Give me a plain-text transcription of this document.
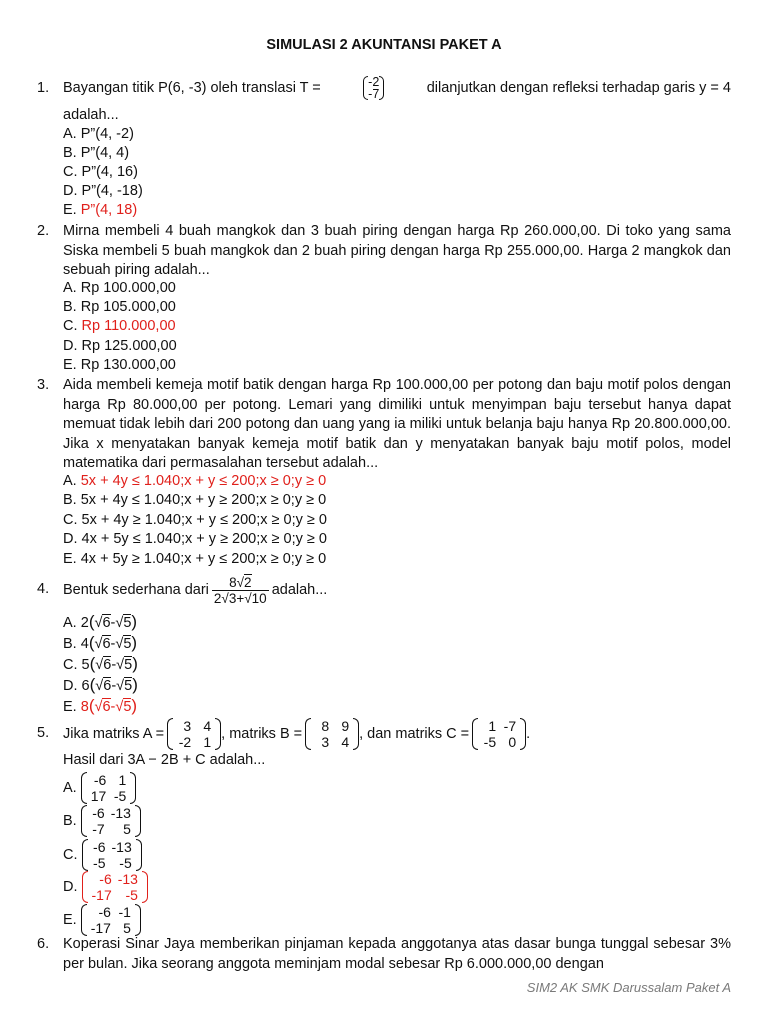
SIMULASI 2 AKUNTANSI PAKET A
1. Bayangan titik P(6, -3) oleh translasi T =	-2
-7	dilanjutkan dengan refleksi terhadap garis y = 4
adalah...
A. P”(4, -2)
B. P”(4, 4)
C. P”(4, 16)
D. P”(4, -18)
E. P”(4, 18)
2. Mirna membeli 4 buah mangkok dan 3 buah piring dengan harga Rp 260.000,00. Di toko yang sama Siska membeli 5 buah mangkok dan 2 buah piring dengan harga Rp 255.000,00. Harga 2 mangkok dan sebuah piring adalah...
A. Rp 100.000,00
B. Rp 105.000,00
C. Rp 110.000,00
D. Rp 125.000,00
E. Rp 130.000,00
3. Aida membeli kemeja motif batik dengan harga Rp 100.000,00 per potong dan baju motif polos dengan harga Rp 80.000,00 per potong. Lemari yang dimiliki untuk menyimpan baju tersebut hanya dapat memuat tidak lebih dari 200 potong dan uang yang ia miliki untuk belanja baju hanya Rp 20.800.000,00. Jika x menyatakan banyak kemeja motif batik dan y menyatakan banyak baju motif polos, model matematika dari permasalahan tersebut adalah...
A. 5x + 4y ≤ 1.040;x + y ≤ 200;x ≥ 0;y ≥ 0
B. 5x + 4y ≤ 1.040;x + y ≥ 200;x ≥ 0;y ≥ 0
C. 5x + 4y ≥ 1.040;x + y ≤ 200;x ≥ 0;y ≥ 0
D. 4x + 5y ≤ 1.040;x + y ≥ 200;x ≥ 0;y ≥ 0
E. 4x + 5y ≥ 1.040;x + y ≤ 200;x ≥ 0;y ≥ 0
4. Bentuk sederhana dari $\frac{8√2}{2√3+√10}$ adalah...
A. 2(√6-√5)
B. 4(√6-√5)
C. 5(√6-√5)
D. 6(√6-√5)
E. 8(√6-√5)
5. Jika matriks A = 3	4
-2	1
, matriks B = 8	9
3	4
, dan matriks C = 1	-7
-5	0
.
Hasil dari 3A − 2B + C adalah...
A. -6	1
17	-5
B. -6	-13
-7	5
C. -6	-13
-5	-5
D. -6	-13
-17	-5
E. -6	-1
-17	5
6. Koperasi Sinar Jaya memberikan pinjaman kepada anggotanya atas dasar bunga tunggal sebesar 3% per bulan. Jika seorang anggota meminjam modal sebesar Rp 6.000.000,00 dengan
SIM2 AK SMK Darussalam Paket A
